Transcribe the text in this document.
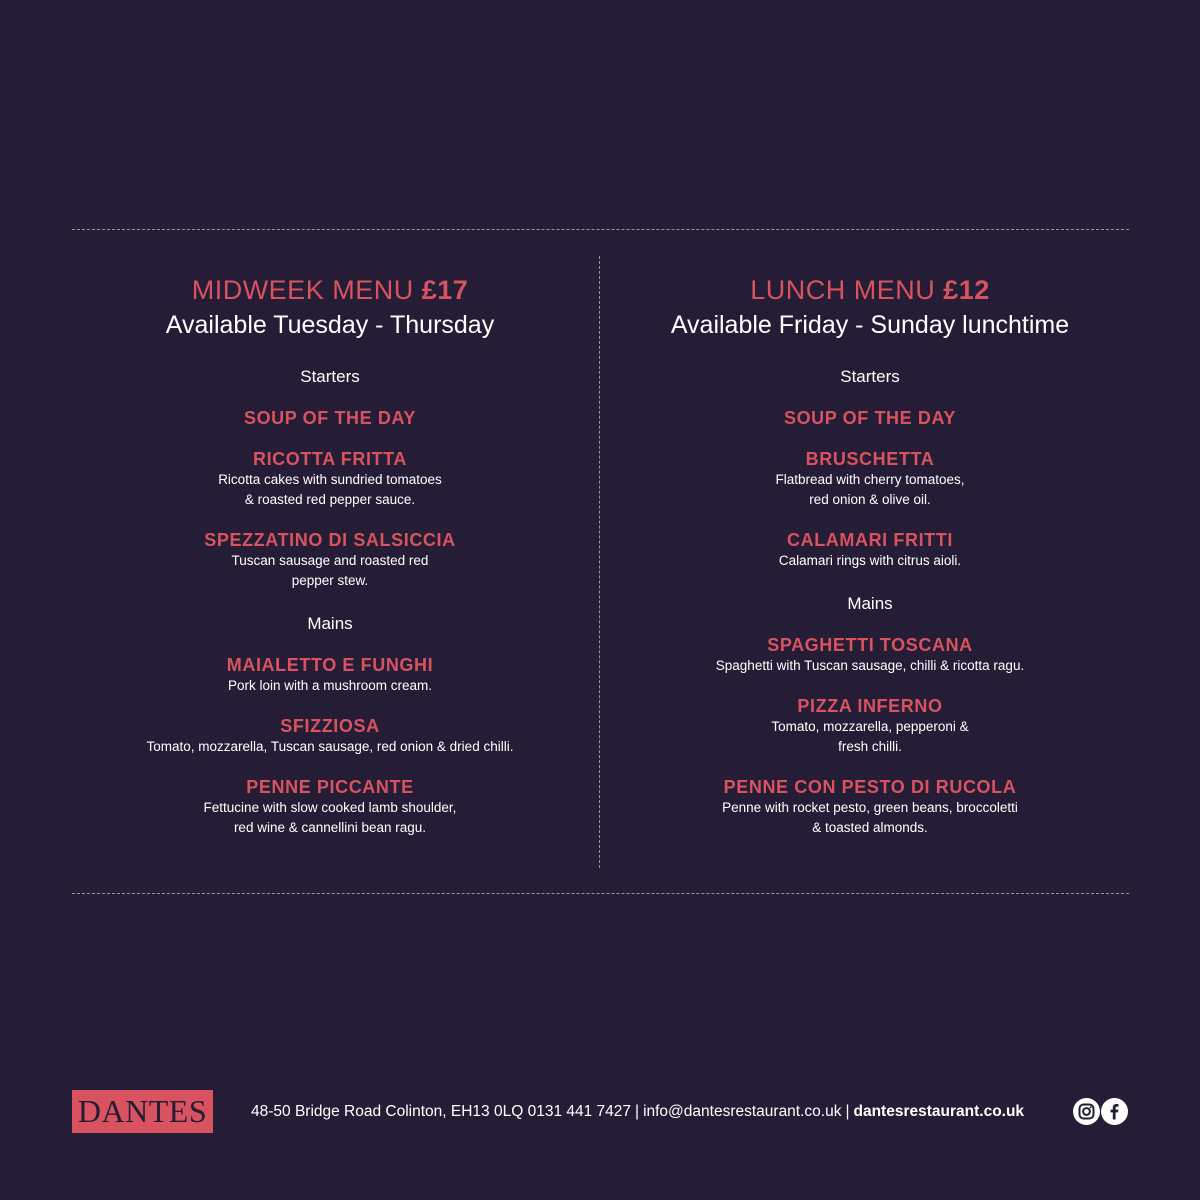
MIDWEEK MENU £17

Available Tuesday - Thursday

Starters

SOUP OF THE DAY

RICOTTA FRITTA

Ricotta cakes with sundried tomatoes
& roasted red pepper sauce.

SPEZZATINO DI SALSICCIA

Tuscan sausage and roasted red
pepper stew.

Mains

MAIALETTO E FUNGHI

Pork loin with a mushroom cream.

SFIZZIOSA

Tomato, mozzarella, Tuscan sausage, red onion & dried chilli.

PENNE PICCANTE

Fettucine with slow cooked lamb shoulder,
red wine & cannellini bean ragu.

LUNCH MENU £12

Available Friday - Sunday lunchtime

Starters

SOUP OF THE DAY

BRUSCHETTA

Flatbread with cherry tomatoes,
red onion & olive oil.

CALAMARI FRITTI

Calamari rings with citrus aioli.

Mains

SPAGHETTI TOSCANA

Spaghetti with Tuscan sausage, chilli & ricotta ragu.

PIZZA INFERNO

Tomato, mozzarella, pepperoni &
fresh chilli.

PENNE CON PESTO DI RUCOLA

Penne with rocket pesto, green beans, broccoletti
& toasted almonds.

DANTES	48-50 Bridge Road Colinton, EH13 0LQ 0131 441 7427 | info@dantesrestaurant.co.uk | dantesrestaurant.co.uk
